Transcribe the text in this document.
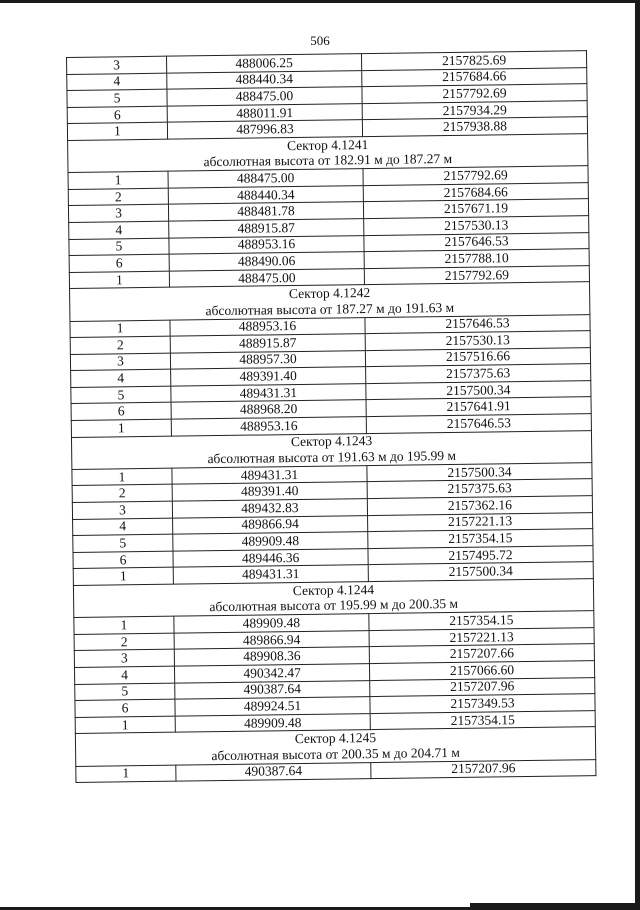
506
3	488006.25	2157825.69
4	488440.34	2157684.66
5	488475.00	2157792.69
6	488011.91	2157934.29
1	487996.83	2157938.88
Сектор 4.1241		
абсолютная высота от 182.91 м до 187.27 м		
1	488475.00	2157792.69
2	488440.34	2157684.66
3	488481.78	2157671.19
4	488915.87	2157530.13
5	488953.16	2157646.53
6	488490.06	2157788.10
1	488475.00	2157792.69
Сектор 4.1242		
абсолютная высота от 187.27 м до 191.63 м		
1	488953.16	2157646.53
2	488915.87	2157530.13
3	488957.30	2157516.66
4	489391.40	2157375.63
5	489431.31	2157500.34
6	488968.20	2157641.91
1	488953.16	2157646.53
Сектор 4.1243		
абсолютная высота от 191.63 м до 195.99 м		
1	489431.31	2157500.34
2	489391.40	2157375.63
3	489432.83	2157362.16
4	489866.94	2157221.13
5	489909.48	2157354.15
6	489446.36	2157495.72
1	489431.31	2157500.34
Сектор 4.1244		
абсолютная высота от 195.99 м до 200.35 м		
1	489909.48	2157354.15
2	489866.94	2157221.13
3	489908.36	2157207.66
4	490342.47	2157066.60
5	490387.64	2157207.96
6	489924.51	2157349.53
1	489909.48	2157354.15
Сектор 4.1245		
абсолютная высота от 200.35 м до 204.71 м		
1	490387.64	2157207.96
